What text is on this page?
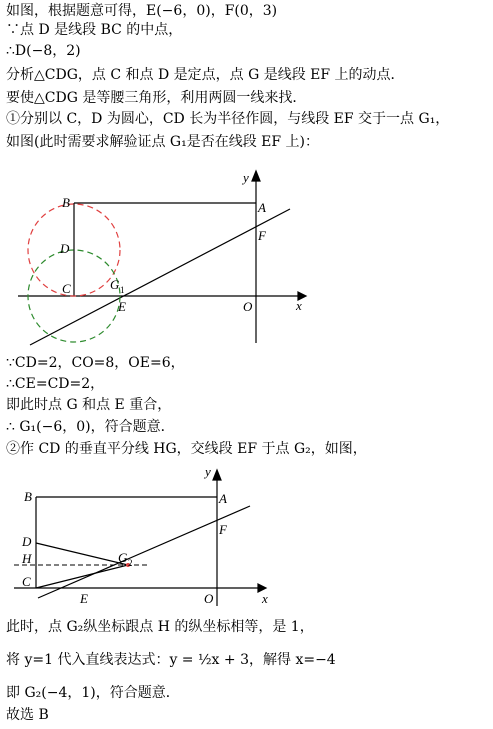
如图，根据题意可得，E(−6，0)，F(0，3)
∵点 D 是线段 BC 的中点，
∴D(−8，2)
分析△CDG，点 C 和点 D 是定点，点 G 是线段 EF 上的动点．
要使△CDG 是等腰三角形，利用两圆一线来找．
①分别以 C，D 为圆心，CD 长为半径作圆，与线段 EF 交于一点 G₁，
如图(此时需要求解验证点 G₁是否在线段 EF 上)：
B	A
D
F
C	G 1
E	O	x
y
∵CD=2，CO=8，OE=6，
∴CE=CD=2，
即此时点 G 和点 E 重合，
∴ G₁(−6，0)，符合题意．
②作 CD 的垂直平分线 HG，交线段 EF 于点 G₂，如图，
B	A
F
D
H	G 2
C
E	O	x
y
此时，点 G₂纵坐标跟点 H 的纵坐标相等，是 1，
将 y=1 代入直线表达式：y = ½x + 3，解得 x=−4
即 G₂(−4，1)，符合题意．
故选 B
